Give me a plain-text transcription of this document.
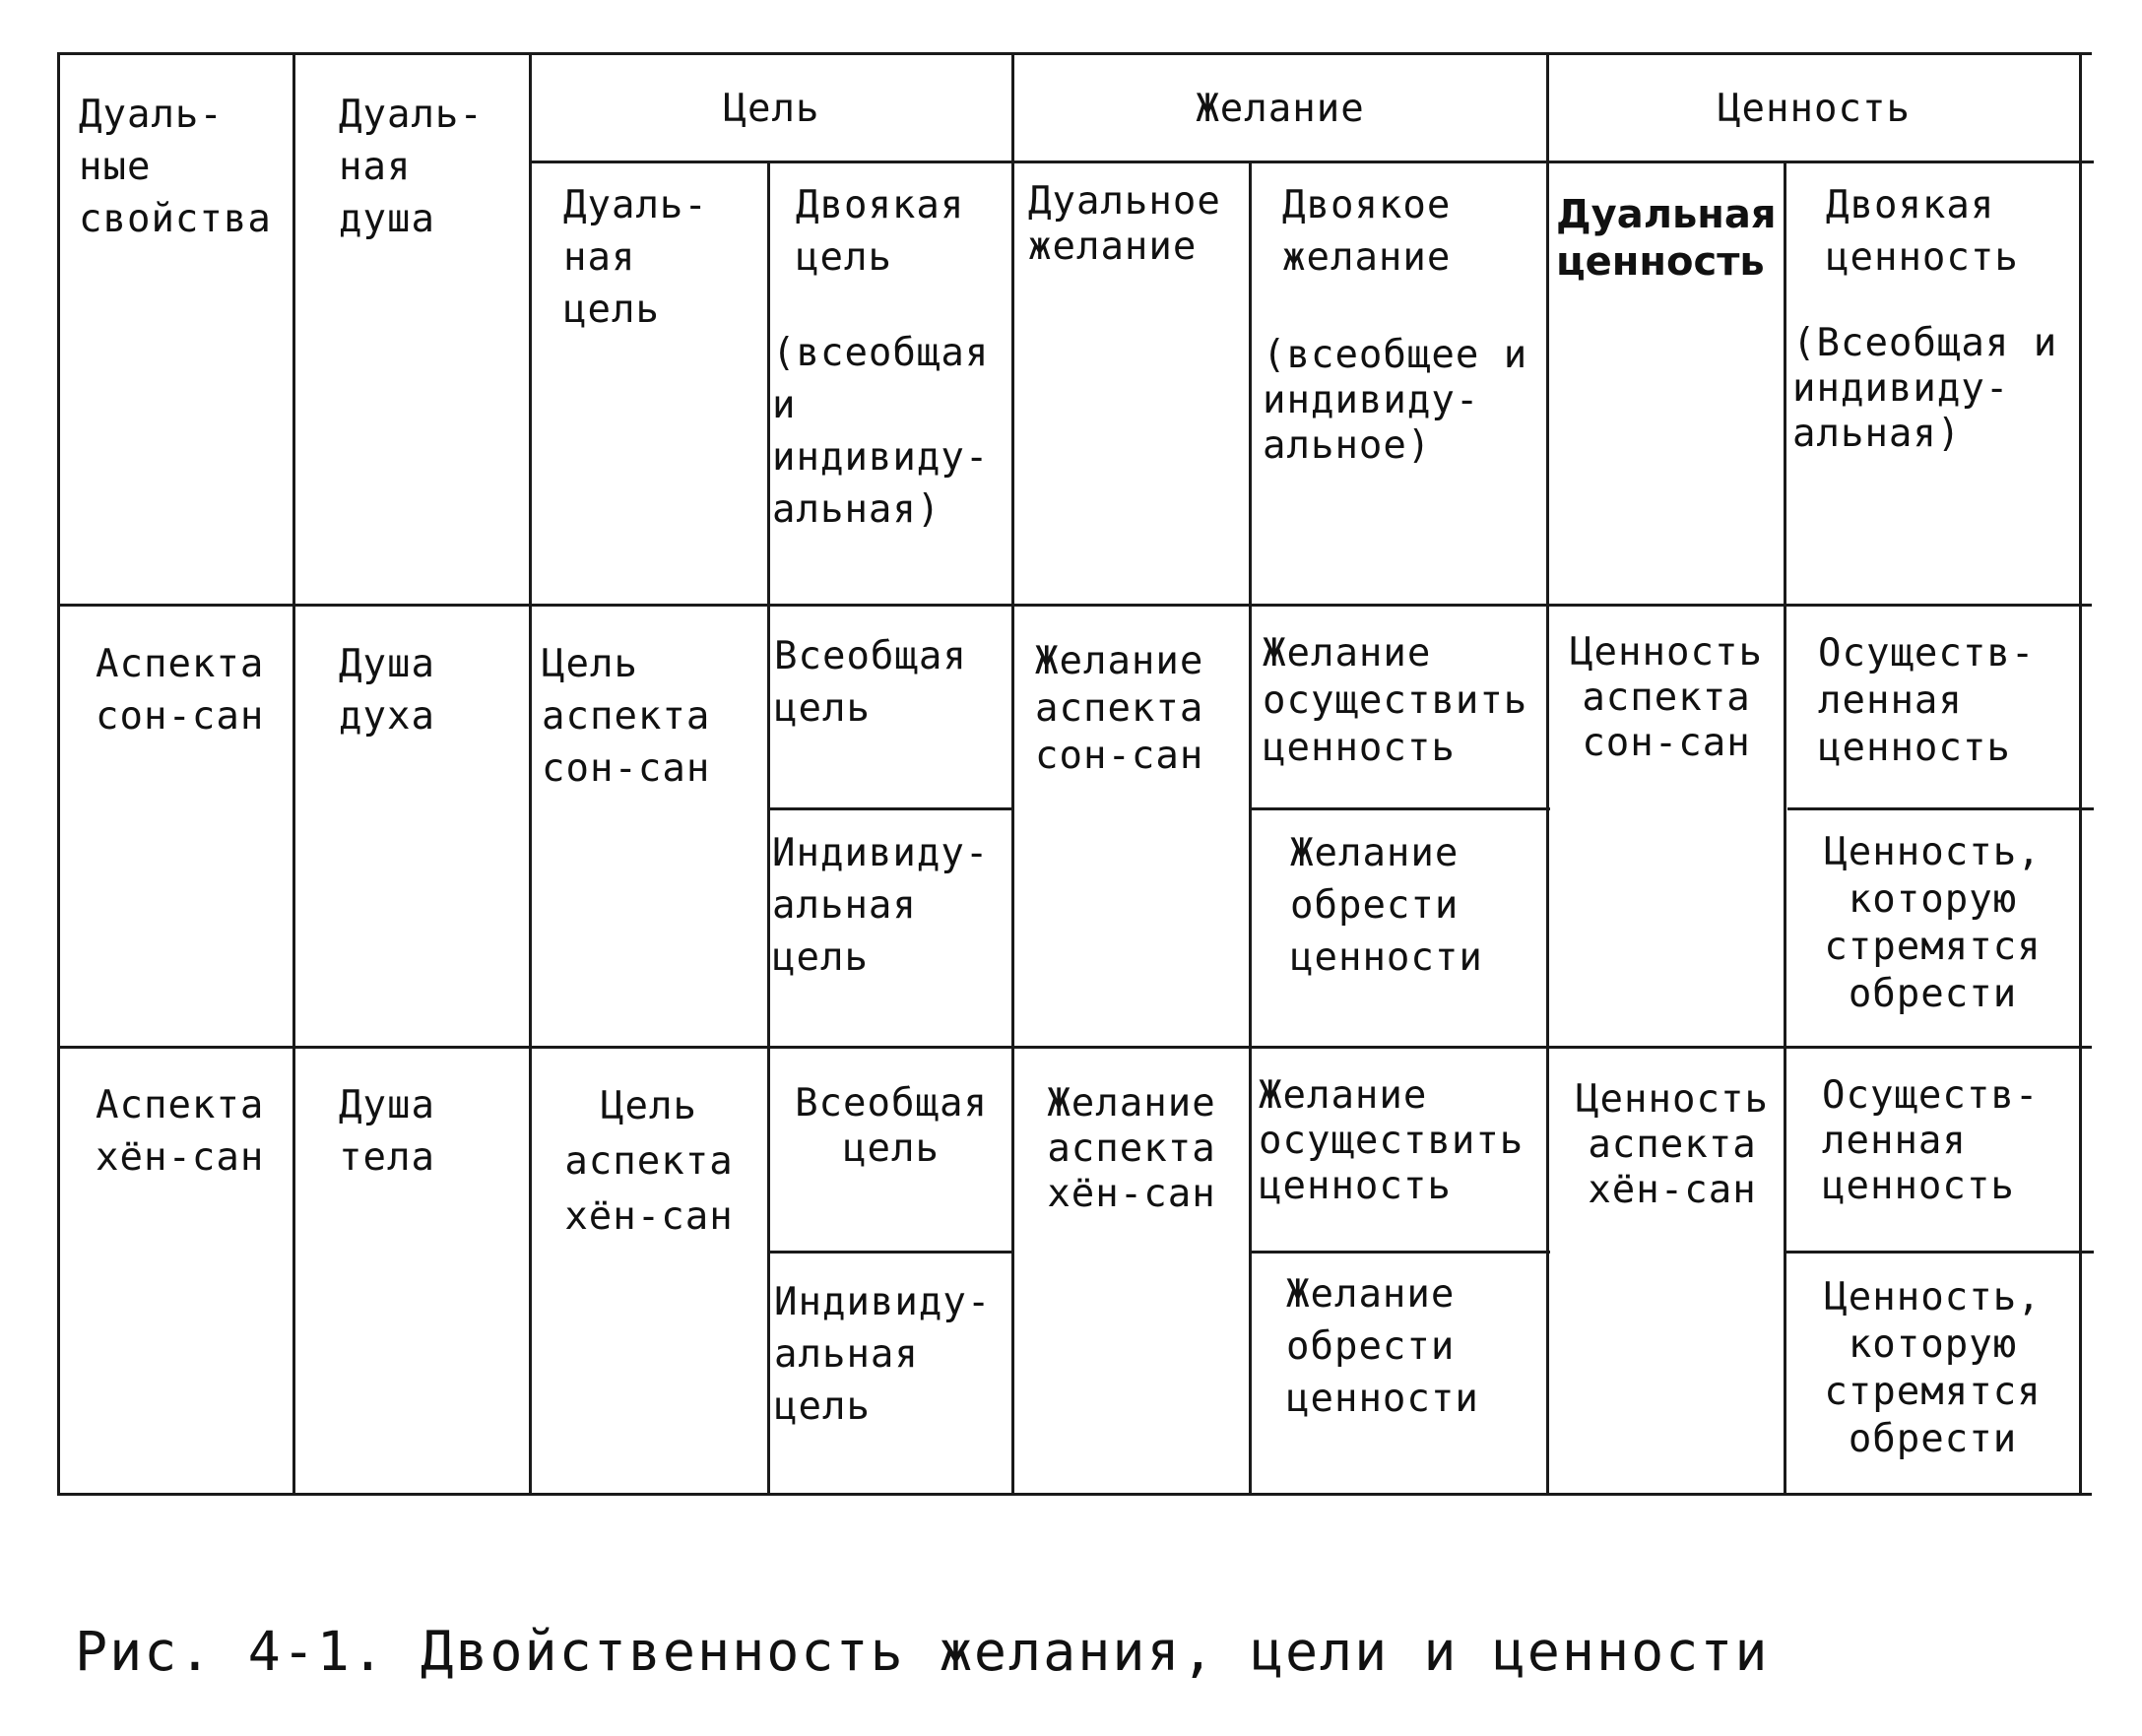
Дуаль-
ные
свойства
Дуаль-
ная
душа
Цель	Желание	Ценность
Дуаль-
ная
цель
Двоякая
цель
(всеобщая
и
индивиду-
альная)
Дуальное
желание
Двоякое
желание
(всеобщее и
индивиду-
альное)
Дуальная
ценность
Двоякая
ценность
(Всеобщая и
индивиду-
альная)
Аспекта
сон-сан
Душа
духа
Цель
аспекта
сон-сан
Всеобщая
цель
Индивиду-
альная
цель
Желание
аспекта
сон-сан
Желание
осуществить
ценность
Желание
обрести
ценности
Ценность
аспекта
сон-сан
Осуществ-
ленная
ценность
Ценность,
которую
стремятся
обрести
Аспекта
хён-сан
Душа
тела
Цель
аспекта
хён-сан
Всеобщая
цель
Индивиду-
альная
цель
Желание
аспекта
хён-сан
Желание
осуществить
ценность
Желание
обрести
ценности
Ценность
аспекта
хён-сан
Осуществ-
ленная
ценность
Ценность,
которую
стремятся
обрести
Рис. 4-1. Двойственность желания, цели и ценности
